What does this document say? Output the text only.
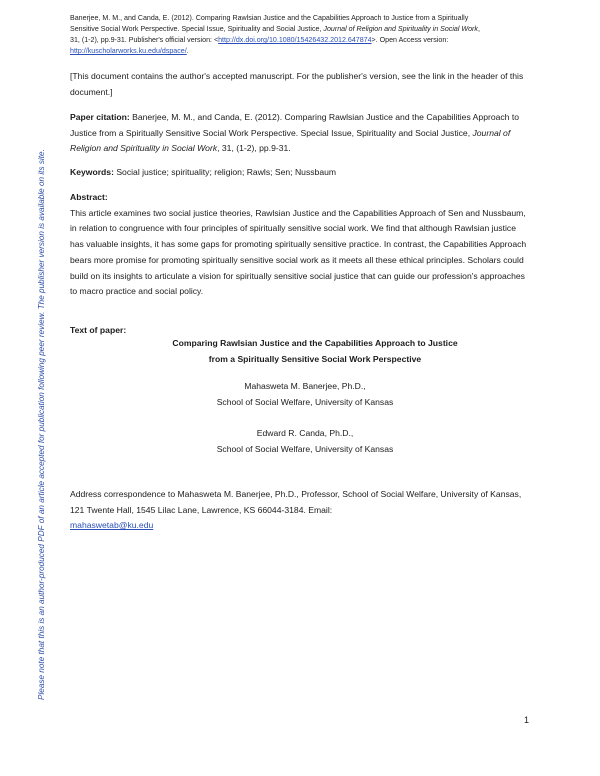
Banerjee, M. M., and Canda, E. (2012). Comparing Rawlsian Justice and the Capabilities Approach to Justice from a Spiritually
Sensitive Social Work Perspective. Special Issue, Spirituality and Social Justice, Journal of Religion and Spirituality in Social Work,
31, (1-2), pp.9-31. Publisher's official version: <http://dx.doi.org/10.1080/15426432.2012.647874>. Open Access version:
http://kuscholarworks.ku.edu/dspace/.
Please note that this is an author-produced PDF of an article accepted for publication following peer review. The publisher version is available on its site.
[This document contains the author's accepted manuscript. For the publisher's version, see the link in the header of this document.]
Paper citation: Banerjee, M. M., and Canda, E. (2012). Comparing Rawlsian Justice and the Capabilities Approach to Justice from a Spiritually Sensitive Social Work Perspective. Special Issue, Spirituality and Social Justice, Journal of Religion and Spirituality in Social Work, 31, (1-2), pp.9-31.
Keywords: Social justice; spirituality; religion; Rawls; Sen; Nussbaum
Abstract:
This article examines two social justice theories, Rawlsian Justice and the Capabilities Approach of Sen and Nussbaum, in relation to congruence with four principles of spiritually sensitive social work. We find that although Rawlsian justice has valuable insights, it has some gaps for promoting spiritually sensitive practice. In contrast, the Capabilities Approach bears more promise for promoting spiritually sensitive social work as it meets all these ethical principles. Scholars could build on its insights to articulate a vision for spiritually sensitive social justice that can guide our profession's approaches to macro practice and social policy.
Text of paper:
Comparing Rawlsian Justice and the Capabilities Approach to Justice
from a Spiritually Sensitive Social Work Perspective
Mahasweta M. Banerjee, Ph.D.,
School of Social Welfare, University of Kansas
Edward R. Canda, Ph.D.,
School of Social Welfare, University of Kansas
Address correspondence to Mahasweta M. Banerjee, Ph.D., Professor, School of Social Welfare, University of Kansas, 121 Twente Hall, 1545 Lilac Lane, Lawrence, KS 66044-3184. Email:
mahaswetab@ku.edu
1
